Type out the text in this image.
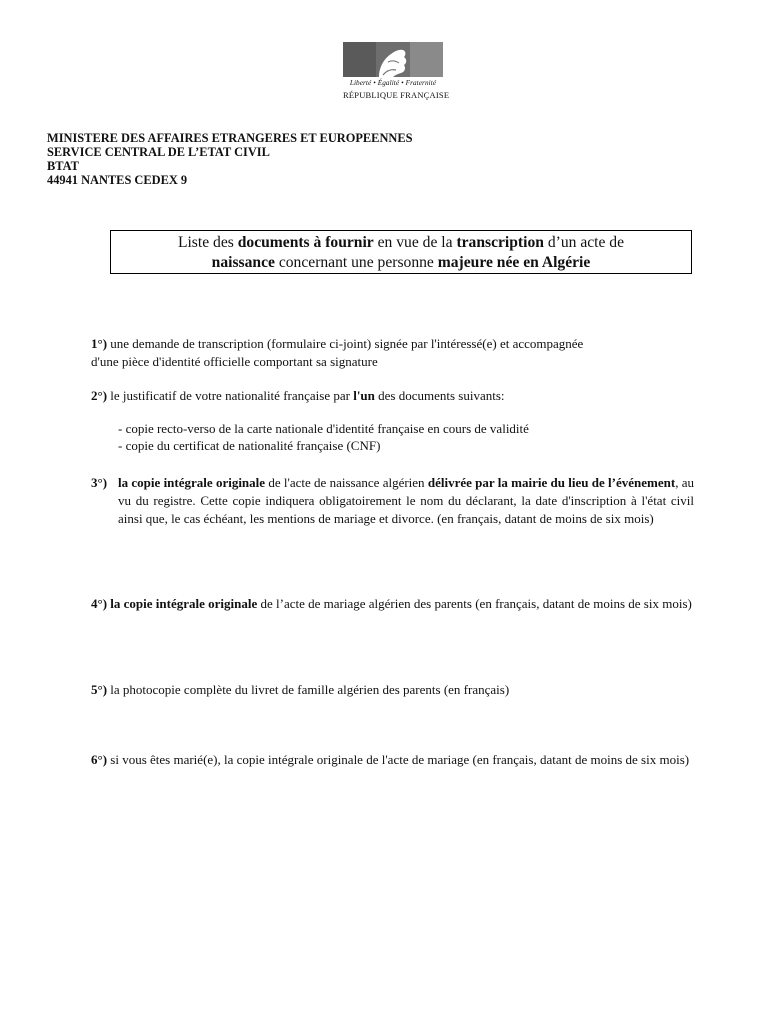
Liberté • Égalité • Fraternité
RÉPUBLIQUE FRANÇAISE
MINISTERE DES AFFAIRES ETRANGERES ET EUROPEENNES
SERVICE CENTRAL DE L’ETAT CIVIL
BTAT
44941 NANTES CEDEX 9
Liste des documents à fournir en vue de la transcription d’un acte de
naissance concernant une personne majeure née en Algérie
1°) une demande de transcription (formulaire ci-joint) signée par l'intéressé(e) et accompagnée
d'une pièce d'identité officielle comportant sa signature
2°) le justificatif de votre nationalité française par l'un des documents suivants:
- copie recto-verso de la carte nationale d'identité française en cours de validité
- copie du certificat de nationalité française (CNF)
3°) la copie intégrale originale de l'acte de naissance algérien délivrée par la mairie du lieu de l’événement, au vu du registre. Cette copie indiquera obligatoirement le nom du déclarant, la date d'inscription à l'état civil ainsi que, le cas échéant, les mentions de mariage et divorce. (en français, datant de moins de six mois)
4°) la copie intégrale originale de l’acte de mariage algérien des parents (en français, datant de moins de six mois)
5°) la photocopie complète du livret de famille algérien des parents (en français)
6°) si vous êtes marié(e), la copie intégrale originale de l'acte de mariage (en français, datant de moins de six mois)
